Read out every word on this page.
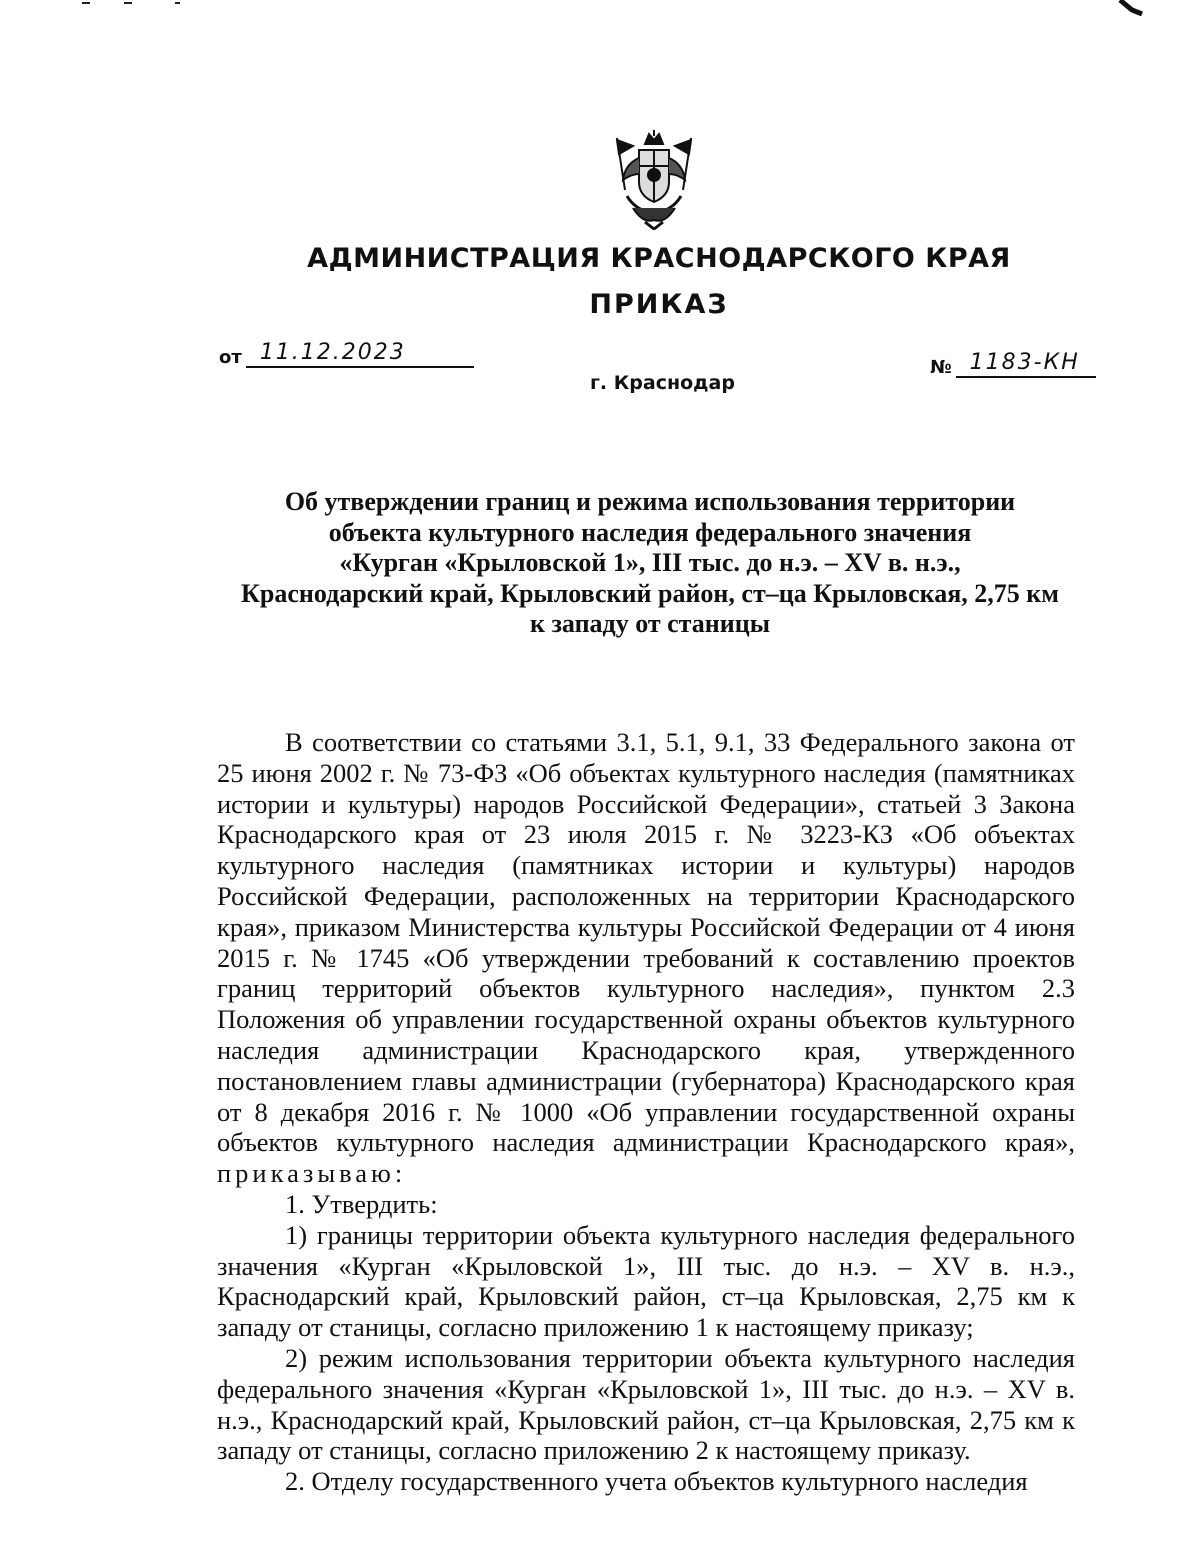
АДМИНИСТРАЦИЯ КРАСНОДАРСКОГО КРАЯ
ПРИКАЗ
от 11.12.2023
№ 1183-КН
г. Краснодар
Об утверждении границ и режима использования территории
объекта культурного наследия федерального значения
«Курган «Крыловской 1», III тыс. до н.э. – XV в. н.э.,
Краснодарский край, Крыловский район, ст–ца Крыловская, 2,75 км
к западу от станицы

В соответствии со статьями 3.1, 5.1, 9.1, 33 Федерального закона от 25 июня 2002 г. № 73-ФЗ «Об объектах культурного наследия (памятниках истории и культуры) народов Российской Федерации», статьей 3 Закона Краснодарского края от 23 июля 2015 г. № 3223-КЗ «Об объектах культурного наследия (памятниках истории и культуры) народов Российской Федерации, расположенных на территории Краснодарского края», приказом Министерства культуры Российской Федерации от 4 июня 2015 г. № 1745 «Об утверждении требований к составлению проектов границ территорий объектов культурного наследия», пунктом 2.3 Положения об управлении государственной охраны объектов культурного наследия администрации Краснодарского края, утвержденного постановлением главы администрации (губернатора) Краснодарского края от 8 декабря 2016 г. № 1000 «Об управлении государственной охраны объектов культурного наследия администрации Краснодарского края», приказываю:

1. Утвердить:

1) границы территории объекта культурного наследия федерального значения «Курган «Крыловской 1», III тыс. до н.э. – XV в. н.э., Краснодарский край, Крыловский район, ст–ца Крыловская, 2,75 км к западу от станицы, согласно приложению 1 к настоящему приказу;

2) режим использования территории объекта культурного наследия федерального значения «Курган «Крыловской 1», III тыс. до н.э. – XV в. н.э., Краснодарский край, Крыловский район, ст–ца Крыловская, 2,75 км к западу от станицы, согласно приложению 2 к настоящему приказу.

2. Отделу государственного учета объектов культурного наследия
